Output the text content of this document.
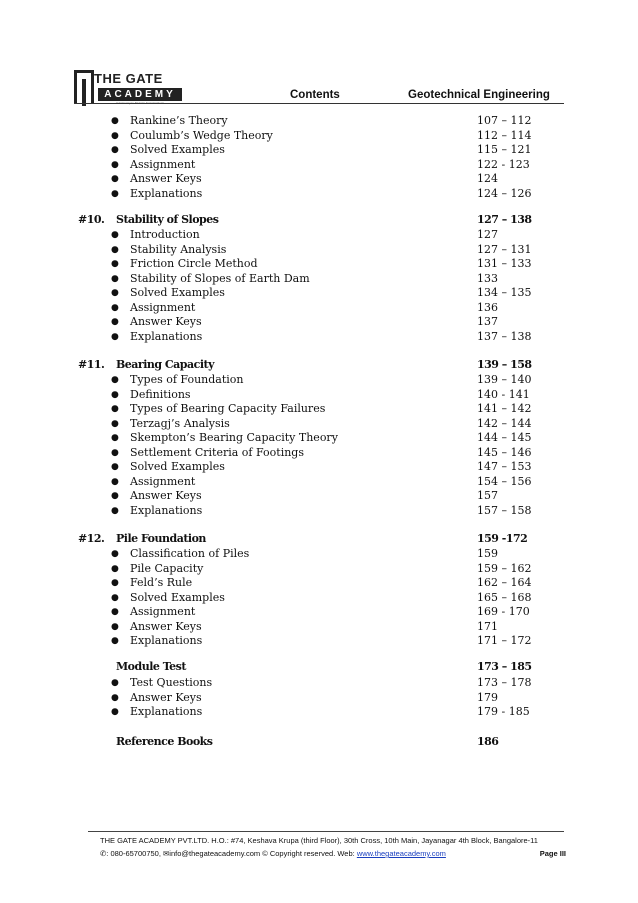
THE GATE
ACADEMY	Contents	Geotechnical Engineering
● Rankine’s Theory	107 – 112
● Coulumb’s Wedge Theory	112 – 114
● Solved Examples	115 – 121
● Assignment	122 - 123
● Answer Keys	124
● Explanations	124 – 126
#10. Stability of Slopes	127 – 138
● Introduction	127
● Stability Analysis	127 – 131
● Friction Circle Method	131 – 133
● Stability of Slopes of Earth Dam	133
● Solved Examples	134 – 135
● Assignment	136
● Answer Keys	137
● Explanations	137 – 138
#11. Bearing Capacity	139 – 158
● Types of Foundation	139 – 140
● Definitions	140 - 141
● Types of Bearing Capacity Failures	141 – 142
● Terzagj’s Analysis	142 – 144
● Skempton’s Bearing Capacity Theory	144 – 145
● Settlement Criteria of Footings	145 – 146
● Solved Examples	147 – 153
● Assignment	154 – 156
● Answer Keys	157
● Explanations	157 – 158
#12. Pile Foundation	159 -172
● Classification of Piles	159
● Pile Capacity	159 – 162
● Feld’s Rule	162 – 164
● Solved Examples	165 – 168
● Assignment	169 - 170
● Answer Keys	171
● Explanations	171 – 172
Module Test	173 – 185
● Test Questions	173 – 178
● Answer Keys	179
● Explanations	179 - 185
Reference Books	186
THE GATE ACADEMY PVT.LTD. H.O.: #74, Keshava Krupa (third Floor), 30th Cross, 10th Main, Jayanagar 4th Block, Bangalore-11
✆: 080-65700750, ✉info@thegateacademy.com © Copyright reserved. Web: www.thegateacademy.com	Page III
